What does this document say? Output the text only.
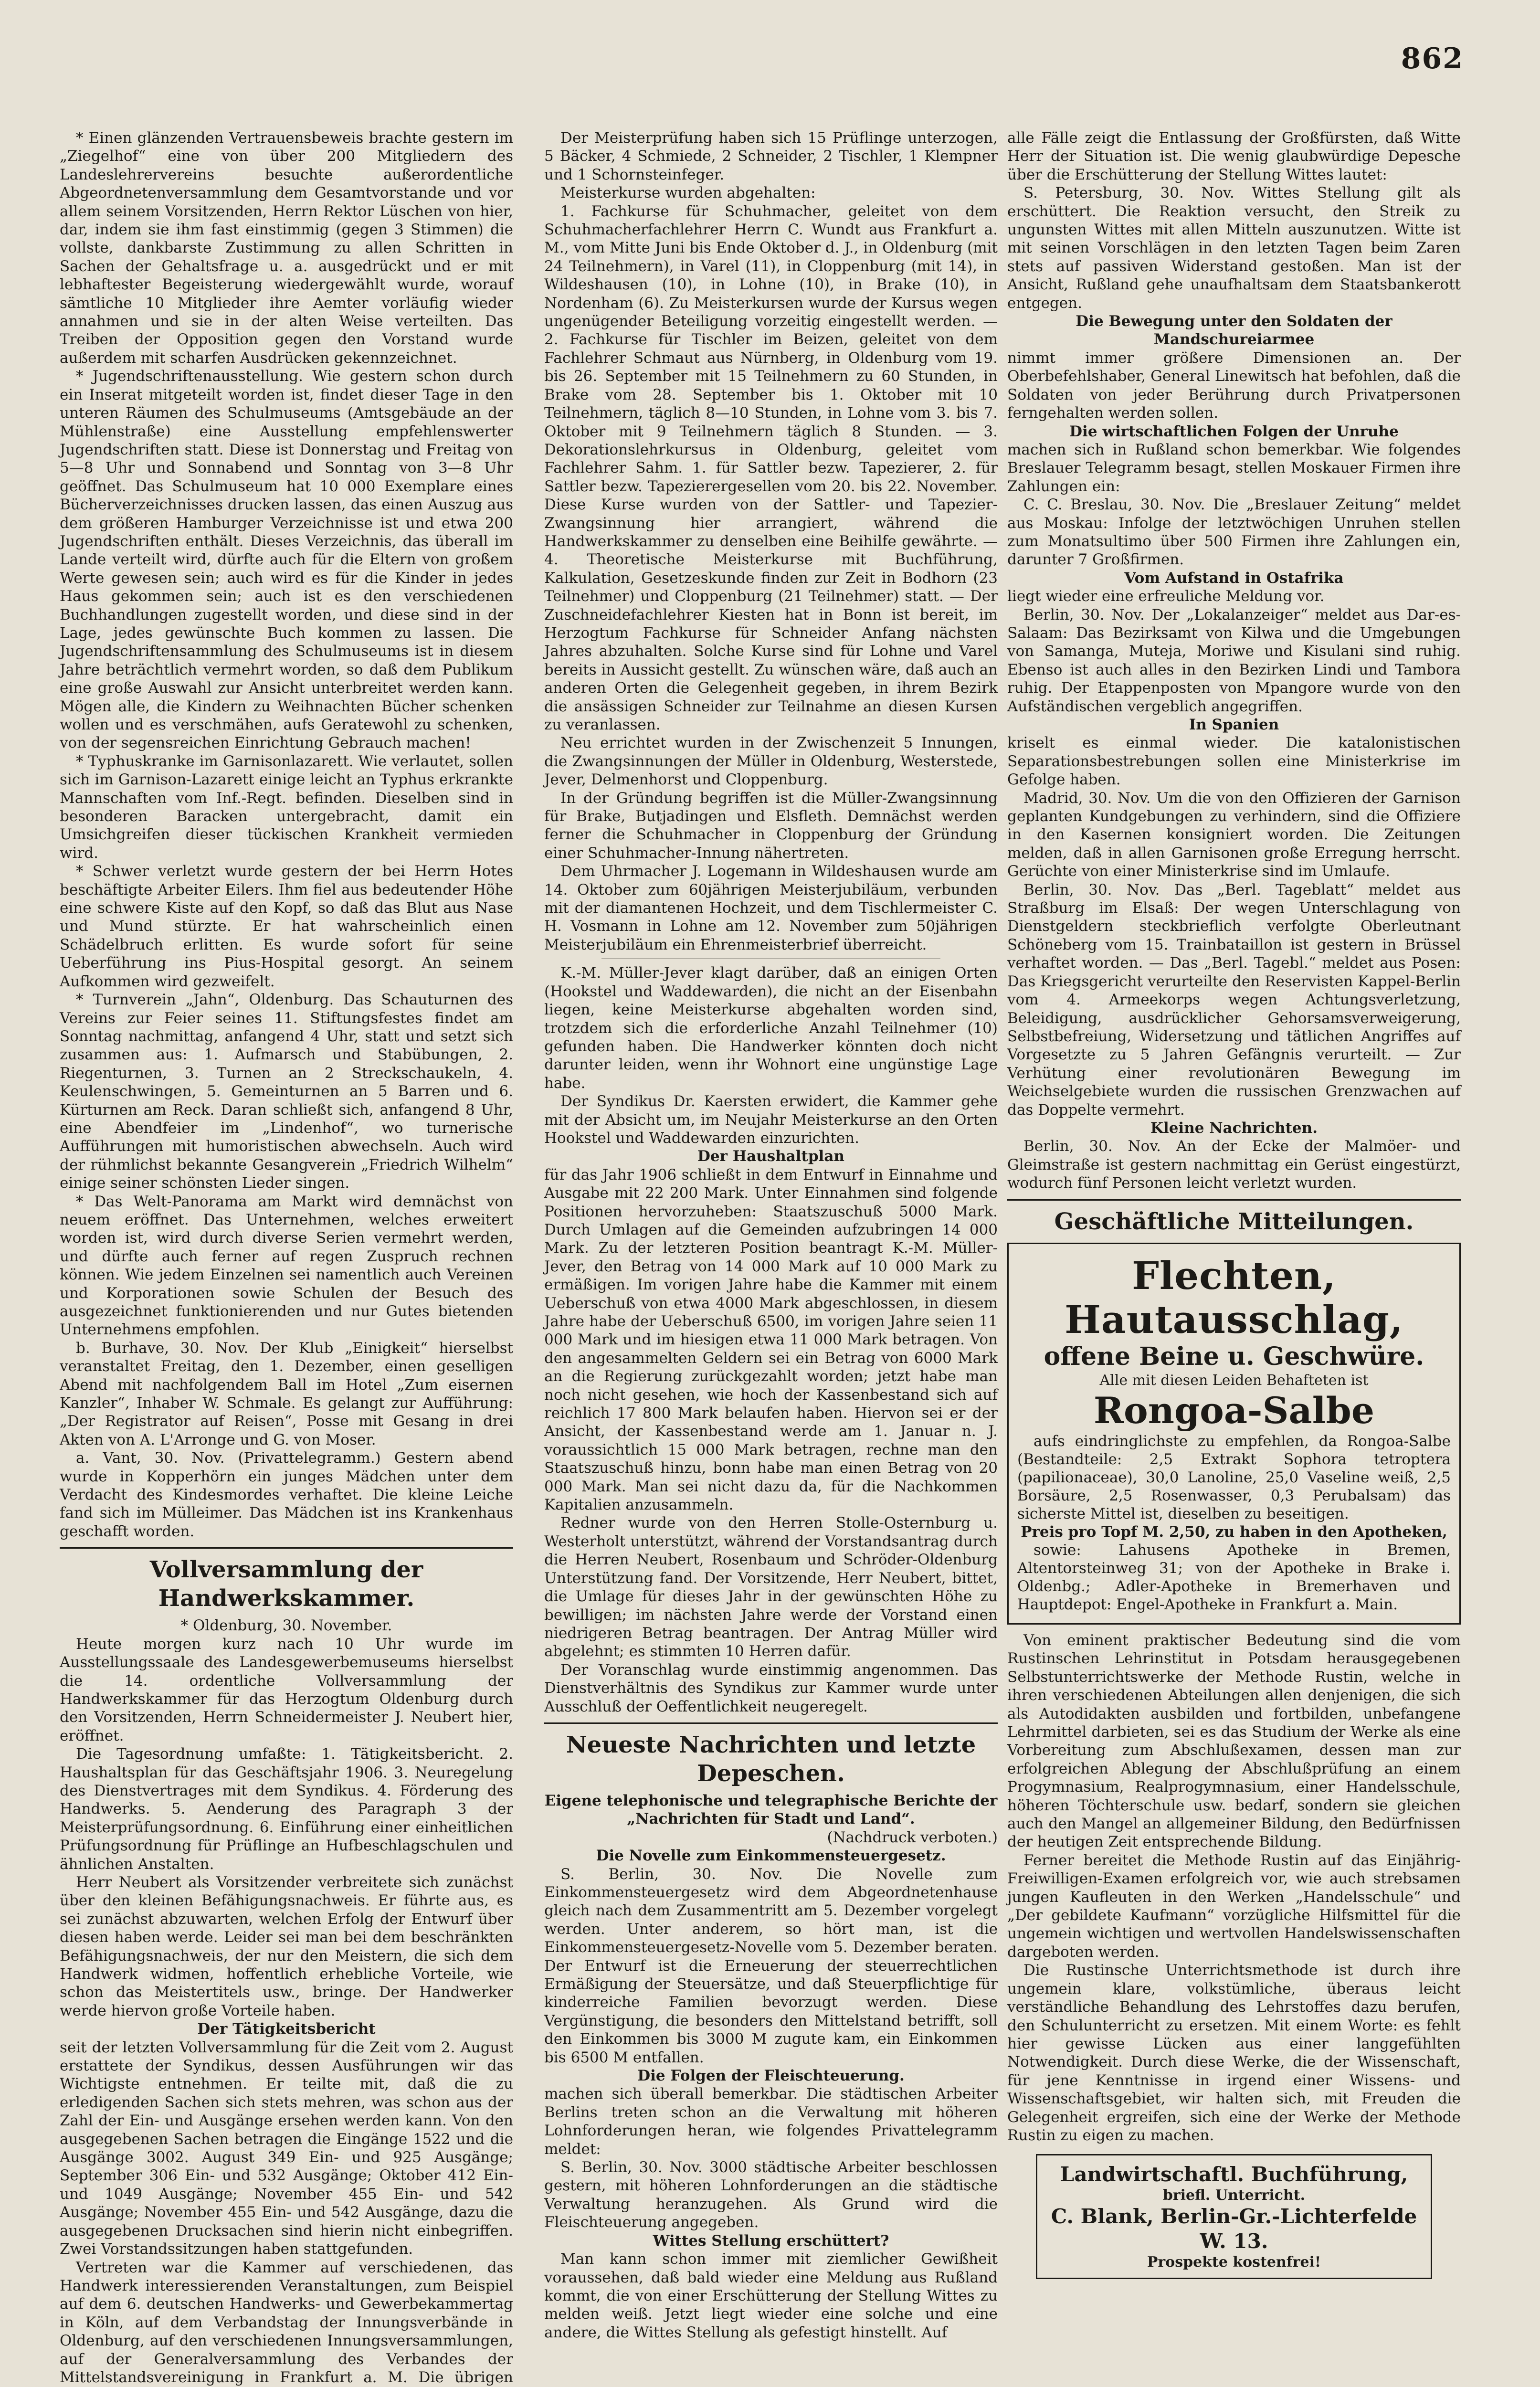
862

* Einen glänzenden Vertrauensbeweis brachte gestern im „Ziegelhof“ eine von über 200 Mitgliedern des Landeslehrervereins besuchte außerordentliche Abgeordnetenversammlung dem Gesamtvorstande und vor allem seinem Vorsitzenden, Herrn Rektor Lüschen von hier, dar, indem sie ihm fast einstimmig (gegen 3 Stimmen) die vollste, dankbarste Zustimmung zu allen Schritten in Sachen der Gehaltsfrage u. a. ausgedrückt und er mit lebhaftester Begeisterung wiedergewählt wurde, worauf sämtliche 10 Mitglieder ihre Aemter vorläufig wieder annahmen und sie in der alten Weise verteilten. Das Treiben der Opposition gegen den Vorstand wurde außerdem mit scharfen Ausdrücken gekennzeichnet.

* Jugendschriftenausstellung. Wie gestern schon durch ein Inserat mitgeteilt worden ist, findet dieser Tage in den unteren Räumen des Schulmuseums (Amtsgebäude an der Mühlenstraße) eine Ausstellung empfehlenswerter Jugendschriften statt. Diese ist Donnerstag und Freitag von 5—8 Uhr und Sonnabend und Sonntag von 3—8 Uhr geöffnet. Das Schulmuseum hat 10 000 Exemplare eines Bücherverzeichnisses drucken lassen, das einen Auszug aus dem größeren Hamburger Verzeichnisse ist und etwa 200 Jugendschriften enthält. Dieses Verzeichnis, das überall im Lande verteilt wird, dürfte auch für die Eltern von großem Werte gewesen sein; auch wird es für die Kinder in jedes Haus gekommen sein; auch ist es den verschiedenen Buchhandlungen zugestellt worden, und diese sind in der Lage, jedes gewünschte Buch kommen zu lassen. Die Jugendschriftensammlung des Schulmuseums ist in diesem Jahre beträchtlich vermehrt worden, so daß dem Publikum eine große Auswahl zur Ansicht unterbreitet werden kann. Mögen alle, die Kindern zu Weihnachten Bücher schenken wollen und es verschmähen, aufs Geratewohl zu schenken, von der segensreichen Einrichtung Gebrauch machen!

* Typhuskranke im Garnisonlazarett. Wie verlautet, sollen sich im Garnison-Lazarett einige leicht an Typhus erkrankte Mannschaften vom Inf.-Regt. befinden. Dieselben sind in besonderen Baracken untergebracht, damit ein Umsichgreifen dieser tückischen Krankheit vermieden wird.

* Schwer verletzt wurde gestern der bei Herrn Hotes beschäftigte Arbeiter Eilers. Ihm fiel aus bedeutender Höhe eine schwere Kiste auf den Kopf, so daß das Blut aus Nase und Mund stürzte. Er hat wahrscheinlich einen Schädelbruch erlitten. Es wurde sofort für seine Ueberführung ins Pius-Hospital gesorgt. An seinem Aufkommen wird gezweifelt.

* Turnverein „Jahn“, Oldenburg. Das Schauturnen des Vereins zur Feier seines 11. Stiftungsfestes findet am Sonntag nachmittag, anfangend 4 Uhr, statt und setzt sich zusammen aus: 1. Aufmarsch und Stabübungen, 2. Riegenturnen, 3. Turnen an 2 Streckschaukeln, 4. Keulenschwingen, 5. Gemeinturnen an 5 Barren und 6. Kürturnen am Reck. Daran schließt sich, anfangend 8 Uhr, eine Abendfeier im „Lindenhof“, wo turnerische Aufführungen mit humoristischen abwechseln. Auch wird der rühmlichst bekannte Gesangverein „Friedrich Wilhelm“ einige seiner schönsten Lieder singen.

* Das Welt-Panorama am Markt wird demnächst von neuem eröffnet. Das Unternehmen, welches erweitert worden ist, wird durch diverse Serien vermehrt werden, und dürfte auch ferner auf regen Zuspruch rechnen können. Wie jedem Einzelnen sei namentlich auch Vereinen und Korporationen sowie Schulen der Besuch des ausgezeichnet funktionierenden und nur Gutes bietenden Unternehmens empfohlen.

b. Burhave, 30. Nov. Der Klub „Einigkeit“ hierselbst veranstaltet Freitag, den 1. Dezember, einen geselligen Abend mit nachfolgendem Ball im Hotel „Zum eisernen Kanzler“, Inhaber W. Schmale. Es gelangt zur Aufführung: „Der Registrator auf Reisen“, Posse mit Gesang in drei Akten von A. L'Arronge und G. von Moser.

a. Vant, 30. Nov. (Privattelegramm.) Gestern abend wurde in Kopperhörn ein junges Mädchen unter dem Verdacht des Kindesmordes verhaftet. Die kleine Leiche fand sich im Mülleimer. Das Mädchen ist ins Krankenhaus geschafft worden.

Vollversammlung der Handwerkskammer.

* Oldenburg, 30. November.

Heute morgen kurz nach 10 Uhr wurde im Ausstellungssaale des Landesgewerbemuseums hierselbst die 14. ordentliche Vollversammlung der Handwerkskammer für das Herzogtum Oldenburg durch den Vorsitzenden, Herrn Schneidermeister J. Neubert hier, eröffnet.

Die Tagesordnung umfaßte: 1. Tätigkeitsbericht. 2. Haushaltsplan für das Geschäftsjahr 1906. 3. Neuregelung des Dienstvertrages mit dem Syndikus. 4. Förderung des Handwerks. 5. Aenderung des Paragraph 3 der Meisterprüfungsordnung. 6. Einführung einer einheitlichen Prüfungsordnung für Prüflinge an Hufbeschlagschulen und ähnlichen Anstalten.

Herr Neubert als Vorsitzender verbreitete sich zunächst über den kleinen Befähigungsnachweis. Er führte aus, es sei zunächst abzuwarten, welchen Erfolg der Entwurf über diesen haben werde. Leider sei man bei dem beschränkten Befähigungsnachweis, der nur den Meistern, die sich dem Handwerk widmen, hoffentlich erhebliche Vorteile, wie schon das Meistertitels usw., bringe. Der Handwerker werde hiervon große Vorteile haben.

Der Tätigkeitsbericht

seit der letzten Vollversammlung für die Zeit vom 2. August erstattete der Syndikus, dessen Ausführungen wir das Wichtigste entnehmen. Er teilte mit, daß die zu erledigenden Sachen sich stets mehren, was schon aus der Zahl der Ein- und Ausgänge ersehen werden kann. Von den ausgegebenen Sachen betragen die Eingänge 1522 und die Ausgänge 3002. August 349 Ein- und 925 Ausgänge; September 306 Ein- und 532 Ausgänge; Oktober 412 Ein- und 1049 Ausgänge; November 455 Ein- und 542 Ausgänge; November 455 Ein- und 542 Ausgänge, dazu die ausgegebenen Drucksachen sind hierin nicht einbegriffen. Zwei Vorstandssitzungen haben stattgefunden.

Vertreten war die Kammer auf verschiedenen, das Handwerk interessierenden Veranstaltungen, zum Beispiel auf dem 6. deutschen Handwerks- und Gewerbekammertag in Köln, auf dem Verbandstag der Innungsverbände in Oldenburg, auf den verschiedenen Innungsversammlungen, auf der Generalversammlung des Verbandes der Mittelstandsvereinigung in Frankfurt a. M. Die übrigen

Der Meisterprüfung haben sich 15 Prüflinge unterzogen, 5 Bäcker, 4 Schmiede, 2 Schneider, 2 Tischler, 1 Klempner und 1 Schornsteinfeger.

Meisterkurse wurden abgehalten:

1. Fachkurse für Schuhmacher, geleitet von dem Schuhmacherfachlehrer Herrn C. Wundt aus Frankfurt a. M., vom Mitte Juni bis Ende Oktober d. J., in Oldenburg (mit 24 Teilnehmern), in Varel (11), in Cloppenburg (mit 14), in Wildeshausen (10), in Lohne (10), in Brake (10), in Nordenham (6). Zu Meisterkursen wurde der Kursus wegen ungenügender Beteiligung vorzeitig eingestellt werden. — 2. Fachkurse für Tischler im Beizen, geleitet von dem Fachlehrer Schmaut aus Nürnberg, in Oldenburg vom 19. bis 26. September mit 15 Teilnehmern zu 60 Stunden, in Brake vom 28. September bis 1. Oktober mit 10 Teilnehmern, täglich 8—10 Stunden, in Lohne vom 3. bis 7. Oktober mit 9 Teilnehmern täglich 8 Stunden. — 3. Dekorationslehrkursus in Oldenburg, geleitet vom Fachlehrer Sahm. 1. für Sattler bezw. Tapezierer, 2. für Sattler bezw. Tapezierergesellen vom 20. bis 22. November. Diese Kurse wurden von der Sattler- und Tapezier-Zwangsinnung hier arrangiert, während die Handwerkskammer zu denselben eine Beihilfe gewährte. — 4. Theoretische Meisterkurse mit Buchführung, Kalkulation, Gesetzeskunde finden zur Zeit in Bodhorn (23 Teilnehmer) und Cloppenburg (21 Teilnehmer) statt. — Der Zuschneidefachlehrer Kiesten hat in Bonn ist bereit, im Herzogtum Fachkurse für Schneider Anfang nächsten Jahres abzuhalten. Solche Kurse sind für Lohne und Varel bereits in Aussicht gestellt. Zu wünschen wäre, daß auch an anderen Orten die Gelegenheit gegeben, in ihrem Bezirk die ansässigen Schneider zur Teilnahme an diesen Kursen zu veranlassen.

Neu errichtet wurden in der Zwischenzeit 5 Innungen, die Zwangsinnungen der Müller in Oldenburg, Westerstede, Jever, Delmenhorst und Cloppenburg.

In der Gründung begriffen ist die Müller-Zwangsinnung für Brake, Butjadingen und Elsfleth. Demnächst werden ferner die Schuhmacher in Cloppenburg der Gründung einer Schuhmacher-Innung nähertreten.

Dem Uhrmacher J. Logemann in Wildeshausen wurde am 14. Oktober zum 60jährigen Meisterjubiläum, verbunden mit der diamantenen Hochzeit, und dem Tischlermeister C. H. Vosmann in Lohne am 12. November zum 50jährigen Meisterjubiläum ein Ehrenmeisterbrief überreicht.

K.-M. Müller-Jever klagt darüber, daß an einigen Orten (Hookstel und Waddewarden), die nicht an der Eisenbahn liegen, keine Meisterkurse abgehalten worden sind, trotzdem sich die erforderliche Anzahl Teilnehmer (10) gefunden haben. Die Handwerker könnten doch nicht darunter leiden, wenn ihr Wohnort eine ungünstige Lage habe.

Der Syndikus Dr. Kaersten erwidert, die Kammer gehe mit der Absicht um, im Neujahr Meisterkurse an den Orten Hookstel und Waddewarden einzurichten.

Der Haushaltplan

für das Jahr 1906 schließt in dem Entwurf in Einnahme und Ausgabe mit 22 200 Mark. Unter Einnahmen sind folgende Positionen hervorzuheben: Staatszuschuß 5000 Mark. Durch Umlagen auf die Gemeinden aufzubringen 14 000 Mark. Zu der letzteren Position beantragt K.-M. Müller-Jever, den Betrag von 14 000 Mark auf 10 000 Mark zu ermäßigen. Im vorigen Jahre habe die Kammer mit einem Ueberschuß von etwa 4000 Mark abgeschlossen, in diesem Jahre habe der Ueberschuß 6500, im vorigen Jahre seien 11 000 Mark und im hiesigen etwa 11 000 Mark betragen. Von den angesammelten Geldern sei ein Betrag von 6000 Mark an die Regierung zurückgezahlt worden; jetzt habe man noch nicht gesehen, wie hoch der Kassenbestand sich auf reichlich 17 800 Mark belaufen haben. Hiervon sei er der Ansicht, der Kassenbestand werde am 1. Januar n. J. voraussichtlich 15 000 Mark betragen, rechne man den Staatszuschuß hinzu, bonn habe man einen Betrag von 20 000 Mark. Man sei nicht dazu da, für die Nachkommen Kapitalien anzusammeln.

Redner wurde von den Herren Stolle-Osternburg u. Westerholt unterstützt, während der Vorstandsantrag durch die Herren Neubert, Rosenbaum und Schröder-Oldenburg Unterstützung fand. Der Vorsitzende, Herr Neubert, bittet, die Umlage für dieses Jahr in der gewünschten Höhe zu bewilligen; im nächsten Jahre werde der Vorstand einen niedrigeren Betrag beantragen. Der Antrag Müller wird abgelehnt; es stimmten 10 Herren dafür.

Der Voranschlag wurde einstimmig angenommen. Das Dienstverhältnis des Syndikus zur Kammer wurde unter Ausschluß der Oeffentlichkeit neugeregelt.

Neueste Nachrichten und letzte Depeschen.

Eigene telephonische und telegraphische Berichte der „Nachrichten für Stadt und Land“.

(Nachdruck verboten.)

Die Novelle zum Einkommensteuergesetz.

S. Berlin, 30. Nov. Die Novelle zum Einkommensteuergesetz wird dem Abgeordnetenhause gleich nach dem Zusammentritt am 5. Dezember vorgelegt werden. Unter anderem, so hört man, ist die Einkommensteuergesetz-Novelle vom 5. Dezember beraten. Der Entwurf ist die Erneuerung der steuerrechtlichen Ermäßigung der Steuersätze, und daß Steuerpflichtige für kinderreiche Familien bevorzugt werden. Diese Vergünstigung, die besonders den Mittelstand betrifft, soll den Einkommen bis 3000 M zugute kam, ein Einkommen bis 6500 M entfallen.

Die Folgen der Fleischteuerung.

machen sich überall bemerkbar. Die städtischen Arbeiter Berlins treten schon an die Verwaltung mit höheren Lohnforderungen heran, wie folgendes Privattelegramm meldet:

S. Berlin, 30. Nov. 3000 städtische Arbeiter beschlossen gestern, mit höheren Lohnforderungen an die städtische Verwaltung heranzugehen. Als Grund wird die Fleischteuerung angegeben.

Wittes Stellung erschüttert?

Man kann schon immer mit ziemlicher Gewißheit voraussehen, daß bald wieder eine Meldung aus Rußland kommt, die von einer Erschütterung der Stellung Wittes zu melden weiß. Jetzt liegt wieder eine solche und eine andere, die Wittes Stellung als gefestigt hinstellt. Auf

alle Fälle zeigt die Entlassung der Großfürsten, daß Witte Herr der Situation ist. Die wenig glaubwürdige Depesche über die Erschütterung der Stellung Wittes lautet:

S. Petersburg, 30. Nov. Wittes Stellung gilt als erschüttert. Die Reaktion versucht, den Streik zu ungunsten Wittes mit allen Mitteln auszunutzen. Witte ist mit seinen Vorschlägen in den letzten Tagen beim Zaren stets auf passiven Widerstand gestoßen. Man ist der Ansicht, Rußland gehe unaufhaltsam dem Staatsbankerott entgegen.

Die Bewegung unter den Soldaten der Mandschureiarmee

nimmt immer größere Dimensionen an. Der Oberbefehlshaber, General Linewitsch hat befohlen, daß die Soldaten von jeder Berührung durch Privatpersonen ferngehalten werden sollen.

Die wirtschaftlichen Folgen der Unruhe

machen sich in Rußland schon bemerkbar. Wie folgendes Breslauer Telegramm besagt, stellen Moskauer Firmen ihre Zahlungen ein:

C. C. Breslau, 30. Nov. Die „Breslauer Zeitung“ meldet aus Moskau: Infolge der letztwöchigen Unruhen stellen zum Monatsultimo über 500 Firmen ihre Zahlungen ein, darunter 7 Großfirmen.

Vom Aufstand in Ostafrika

liegt wieder eine erfreuliche Meldung vor.

Berlin, 30. Nov. Der „Lokalanzeiger“ meldet aus Dar-es-Salaam: Das Bezirksamt von Kilwa und die Umgebungen von Samanga, Muteja, Moriwe und Kisulani sind ruhig. Ebenso ist auch alles in den Bezirken Lindi und Tambora ruhig. Der Etappenposten von Mpangore wurde von den Aufständischen vergeblich angegriffen.

In Spanien

kriselt es einmal wieder. Die katalonistischen Separationsbestrebungen sollen eine Ministerkrise im Gefolge haben.

Madrid, 30. Nov. Um die von den Offizieren der Garnison geplanten Kundgebungen zu verhindern, sind die Offiziere in den Kasernen konsigniert worden. Die Zeitungen melden, daß in allen Garnisonen große Erregung herrscht. Gerüchte von einer Ministerkrise sind im Umlaufe.

Berlin, 30. Nov. Das „Berl. Tageblatt“ meldet aus Straßburg im Elsaß: Der wegen Unterschlagung von Dienstgeldern steckbrieflich verfolgte Oberleutnant Schöneberg vom 15. Trainbataillon ist gestern in Brüssel verhaftet worden. — Das „Berl. Tagebl.“ meldet aus Posen: Das Kriegsgericht verurteilte den Reservisten Kappel-Berlin vom 4. Armeekorps wegen Achtungsverletzung, Beleidigung, ausdrücklicher Gehorsamsverweigerung, Selbstbefreiung, Widersetzung und tätlichen Angriffes auf Vorgesetzte zu 5 Jahren Gefängnis verurteilt. — Zur Verhütung einer revolutionären Bewegung im Weichselgebiete wurden die russischen Grenzwachen auf das Doppelte vermehrt.

Kleine Nachrichten.

Berlin, 30. Nov. An der Ecke der Malmöer- und Gleimstraße ist gestern nachmittag ein Gerüst eingestürzt, wodurch fünf Personen leicht verletzt wurden.

Geschäftliche Mitteilungen.
Flechten, Hautausschlag,
offene Beine u. Geschwüre.
Alle mit diesen Leiden Behafteten ist
Rongoa-Salbe

aufs eindringlichste zu empfehlen, da Rongoa-Salbe (Bestandteile: 2,5 Extrakt Sophora tetroptera (papilionaceae), 30,0 Lanoline, 25,0 Vaseline weiß, 2,5 Borsäure, 2,5 Rosenwasser, 0,3 Perubalsam) das sicherste Mittel ist, dieselben zu beseitigen.

Preis pro Topf M. 2,50, zu haben in den Apotheken,

sowie: Lahusens Apotheke in Bremen, Altentorsteinweg 31; von der Apotheke in Brake i. Oldenbg.; Adler-Apotheke in Bremerhaven und Hauptdepot: Engel-Apotheke in Frankfurt a. Main.

Von eminent praktischer Bedeutung sind die vom Rustinschen Lehrinstitut in Potsdam herausgegebenen Selbstunterrichtswerke der Methode Rustin, welche in ihren verschiedenen Abteilungen allen denjenigen, die sich als Autodidakten ausbilden und fortbilden, unbefangene Lehrmittel darbieten, sei es das Studium der Werke als eine Vorbereitung zum Abschlußexamen, dessen man zur erfolgreichen Ablegung der Abschlußprüfung an einem Progymnasium, Realprogymnasium, einer Handelsschule, höheren Töchterschule usw. bedarf, sondern sie gleichen auch den Mangel an allgemeiner Bildung, den Bedürfnissen der heutigen Zeit entsprechende Bildung.

Ferner bereitet die Methode Rustin auf das Einjährig-Freiwilligen-Examen erfolgreich vor, wie auch strebsamen jungen Kaufleuten in den Werken „Handelsschule“ und „Der gebildete Kaufmann“ vorzügliche Hilfsmittel für die ungemein wichtigen und wertvollen Handelswissenschaften dargeboten werden.

Die Rustinsche Unterrichtsmethode ist durch ihre ungemein klare, volkstümliche, überaus leicht verständliche Behandlung des Lehrstoffes dazu berufen, den Schulunterricht zu ersetzen. Mit einem Worte: es fehlt hier gewisse Lücken aus einer langgefühlten Notwendigkeit. Durch diese Werke, die der Wissenschaft, für jene Kenntnisse in irgend einer Wissens- und Wissenschaftsgebiet, wir halten sich, mit Freuden die Gelegenheit ergreifen, sich eine der Werke der Methode Rustin zu eigen zu machen.

Landwirtschaftl. Buchführung,
briefl. Unterricht.
C. Blank, Berlin-Gr.-Lichterfelde W. 13.
Prospekte kostenfrei!
